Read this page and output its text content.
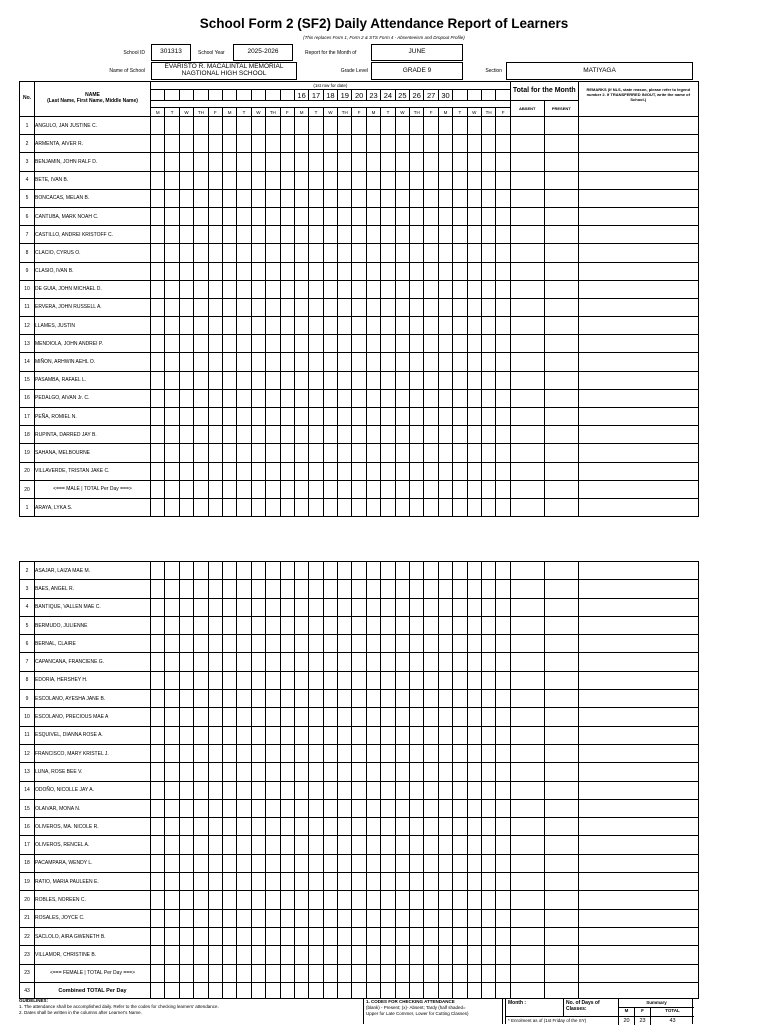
School Form 2 (SF2) Daily Attendance Report of Learners
(This replaces Form 1, Form 2 & STS Form 4 - Absenteeism and Dropout Profile)
School ID	301313	School Year	2025-2026	Report for the Month of	JUNE
Name of School
EVARISTO R. MACALINTAL MEMORIAL NAGTIONAL HIGH SCHOOL	Grade Level	GRADE 9	Section	MATIYAGA
No.	NAME
(Last Name, First Name, Middle Name)	(1st row for date)																									Total for the Month		REMARKS (If NLS, state reason, please refer to legend number 2. If TRANSFERRED IN/OUT, write the name of School.)
												16	17	18	19	20	23	24	25	26	27	30							
																											ABSENT	PRESENT	
		M	T	W	TH	F	M	T	W	TH	F	M	T	W	TH	F	M	T	W	TH	F	M	T	W	TH	F			
1	ANGULO, JAN JUSTINE C.																												
2	ARMENTA, AIVER R.																												
3	BENJAMIN, JOHN RALF D.																												
4	BETE, IVAN B.																												
5	BONCACAS, MELAN B.																												
6	CANTUBA, MARK NOAH C.																												
7	CASTILLO, ANDREI KRISTOFF C.																												
8	CLACIO, CYRUS O.																												
9	CLASIO, IVAN B.																												
10	DE GUIA, JOHN MICHAEL D.																												
11	ERVERA, JOHN RUSSELL A.																												
12	LLAMES, JUSTIN																												
13	MENDIOLA, JOHN ANDREI P.																												
14	MIÑON, ARHWIN AEHL O.																												
15	PASAMBA, RAFAEL L.																												
16	PEDALGO, AIVAN Jr. C.																												
17	PEÑA, ROMIEL N.																												
18	RUPINTA, DARRED JAY B.																												
19	SAHANA, MELBOURNE																												
20	VILLAVERDE, TRISTAN JAKE C.																												
20	<=== MALE | TOTAL Per Day ===>																												
1	ARAYA, LYKA S.																												
2	ASAJAR, LAIZA MAE M.																												
3	BAES, ANGEL R.																												
4	BANTIQUE, VALLEN MAE C.																												
5	BERMUDO, JULIENNE																												
6	BERNAL, CLAIRE																												
7	CAPANCANA, FRANCIENE G.																												
8	EDORIA, HERSHEY H.																												
9	ESCOLANO, AYESHA JANE B.																												
10	ESCOLANO, PRECIOUS MAE A																												
11	ESQUIVEL, DIANNA ROSE A.																												
12	FRANCISCO, MARY KRISTEL J.																												
13	LUNA, ROSE BEE V.																												
14	ODOÑO, NICOLLE JAY A.																												
15	OLAIVAR, MONA N.																												
16	OLIVEROS, MA. NICOLE R.																												
17	OLIVEROS, RENCEL A.																												
18	PACAMPARA, WENDY L.																												
19	RATIO, MARIA PAULEEN E.																												
20	ROBLES, NOREEN C.																												
21	ROSALES, JOYCE C.																												
22	SACLOLO, AIRA GWENETH B.																												
23	VILLAMOR, CHRISTINE B.																												
23	<=== FEMALE | TOTAL Per Day ===>																												
43	Combined TOTAL Per Day																												
GUIDELINES:
1. The attendance shall be accomplished daily. Refer to the codes for checking learners' attendance.
2. Dates shall be written in the columns after Learner's Name.
1. CODES FOR CHECKING ATTENDANCE
(blank) - Present; (x)- Absent; Tardy (half shaded=
Upper for Late Commer, Lower for Cutting Classes)
Month :	No. of Days of Classes:
Summary
M	F	TOTAL
* Enrolment as of (1st Friday of the SY)	20	23	43
